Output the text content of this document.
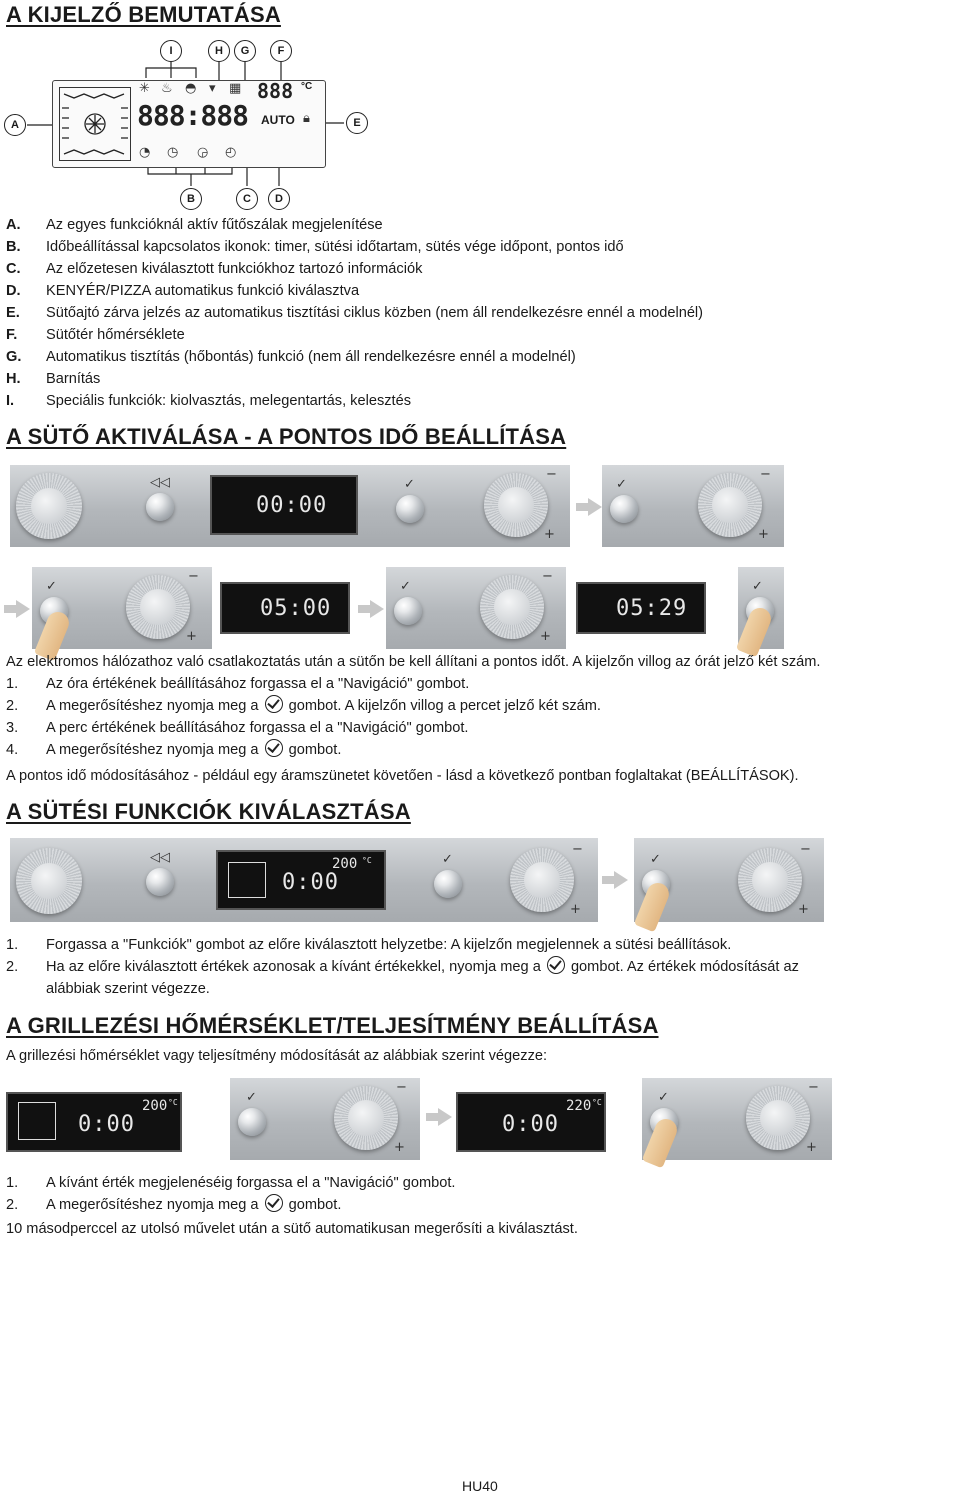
A KIJELZŐ BEMUTATÁSA
I	H	G	F
A	E
B	C	D
✳ ♨ ◓ ▾ ▦
888:888
888 °C
AUTO 🔒︎
◔ ◷ ◶ ◴
A.	Az egyes funkcióknál aktív fűtőszálak megjelenítése
B.	Időbeállítással kapcsolatos ikonok: timer, sütési időtartam, sütés vége időpont, pontos idő
C.	Az előzetesen kiválasztott funkciókhoz tartozó információk
D.	KENYÉR/PIZZA automatikus funkció kiválasztva
E.	Sütőajtó zárva jelzés az automatikus tisztítási ciklus közben (nem áll rendelkezésre ennél a modelnél)
F.	Sütőtér hőmérséklete
G.	Automatikus tisztítás (hőbontás) funkció (nem áll rendelkezésre ennél a modelnél)
H.	Barnítás
I.	Speciális funkciók: kiolvasztás, melegentartás, kelesztés
A SÜTŐ AKTIVÁLÁSA - A PONTOS IDŐ BEÁLLÍTÁSA
◁◁
00:00
✓
−
+
✓
−
+
✓
−
+
05:00
✓
−
+
05:29
✓

Az elektromos hálózathoz való csatlakoztatás után a sütőn be kell állítani a pontos időt. A kijelzőn villog az órát jelző két szám.

1.	Az óra értékének beállításához forgassa el a "Navigáció" gombot.
2.	A megerősítéshez nyomja meg a

gombot. A kijelzőn villog a percet jelző két szám.
3.	A perc értékének beállításához forgassa el a "Navigáció" gombot.
4.	A megerősítéshez nyomja meg a

gombot.

A pontos idő módosításához - például egy áramszünetet követően - lásd a következő pontban foglaltakat (BEÁLLÍTÁSOK).

A SÜTÉSI FUNKCIÓK KIVÁLASZTÁSA
◁◁
0:00
200 °C	✓
−
+
✓
−
+
1.	Forgassa a "Funkciók" gombot az előre kiválasztott helyzetbe: A kijelzőn megjelennek a sütési beállítások.
2.	Ha az előre kiválasztott értékek azonosak a kívánt értékekkel, nyomja meg a

gombot. Az értékek módosítását az
alábbiak szerint végezze.
A GRILLEZÉSI HŐMÉRSÉKLET/TELJESÍTMÉNY BEÁLLÍTÁSA

A grillezési hőmérséklet vagy teljesítmény módosítását az alábbiak szerint végezze:

0:00
200 °C	✓
−
+
0:00
220 °C	✓
−
+
1.	A kívánt érték megjelenéséig forgassa el a "Navigáció" gombot.
2.	A megerősítéshez nyomja meg a

gombot.

10 másodperccel az utolsó művelet után a sütő automatikusan megerősíti a kiválasztást.

HU40
